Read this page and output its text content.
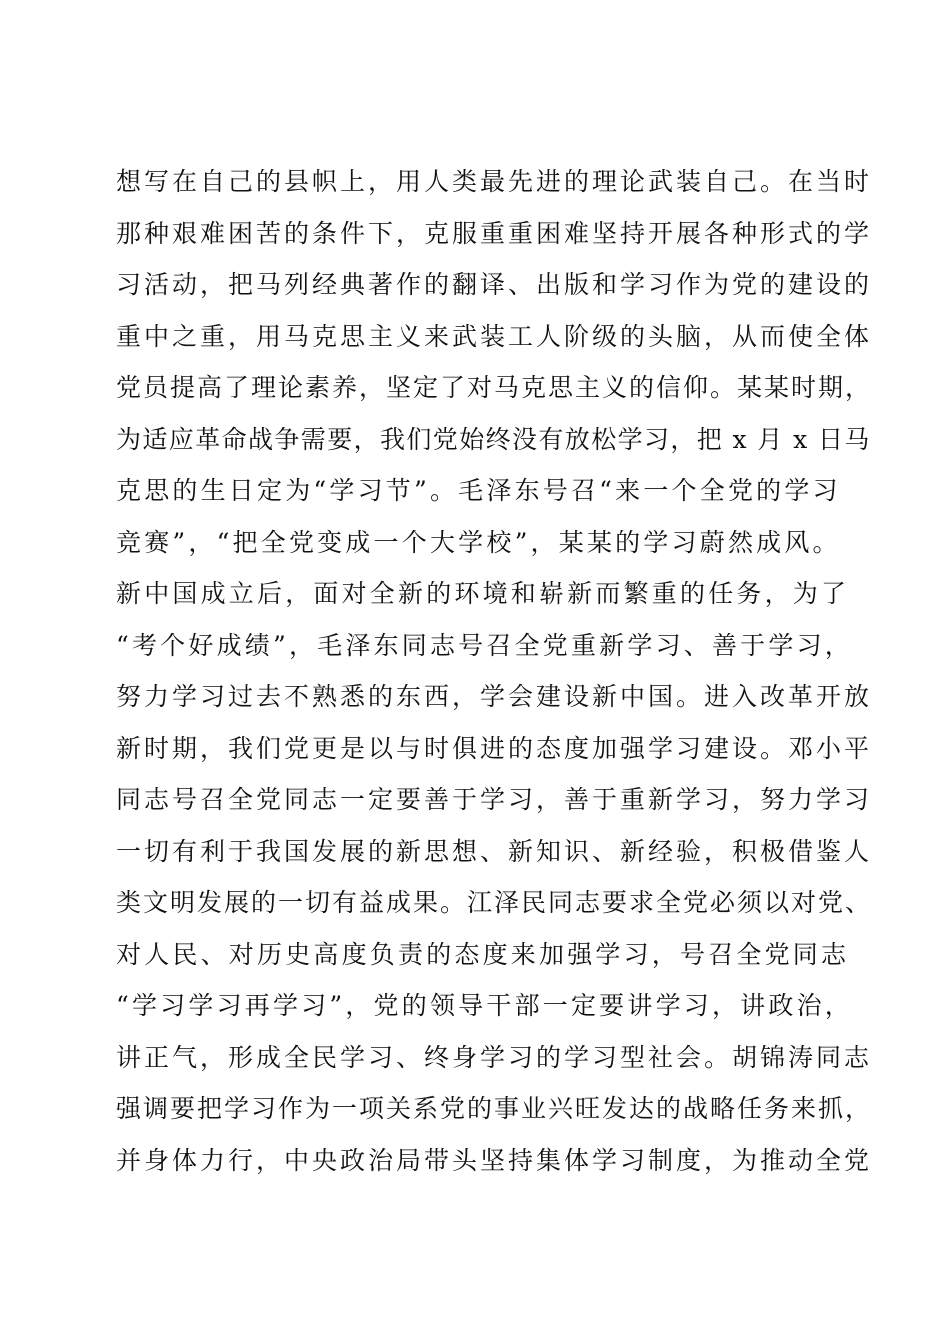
想写在自己的县帜上，用人类最先进的理论武装自己。在当时
那种艰难困苦的条件下，克服重重困难坚持开展各种形式的学
习活动，把马列经典著作的翻译、出版和学习作为党的建设的
重中之重，用马克思主义来武装工人阶级的头脑，从而使全体
党员提高了理论素养，坚定了对马克思主义的信仰。某某时期，
为适应革命战争需要，我们党始终没有放松学习，把 x 月 x 日马
克思的生日定为“学习节”。毛泽东号召“来一个全党的学习
竞赛”，“把全党变成一个大学校”，某某的学习蔚然成风。
新中国成立后，面对全新的环境和崭新而繁重的任务，为了
“考个好成绩”，毛泽东同志号召全党重新学习、善于学习，
努力学习过去不熟悉的东西，学会建设新中国。进入改革开放
新时期，我们党更是以与时俱进的态度加强学习建设。邓小平
同志号召全党同志一定要善于学习，善于重新学习，努力学习
一切有利于我国发展的新思想、新知识、新经验，积极借鉴人
类文明发展的一切有益成果。江泽民同志要求全党必须以对党、
对人民、对历史高度负责的态度来加强学习，号召全党同志
“学习学习再学习”，党的领导干部一定要讲学习，讲政治，
讲正气，形成全民学习、终身学习的学习型社会。胡锦涛同志
强调要把学习作为一项关系党的事业兴旺发达的战略任务来抓，
并身体力行，中央政治局带头坚持集体学习制度，为推动全党
